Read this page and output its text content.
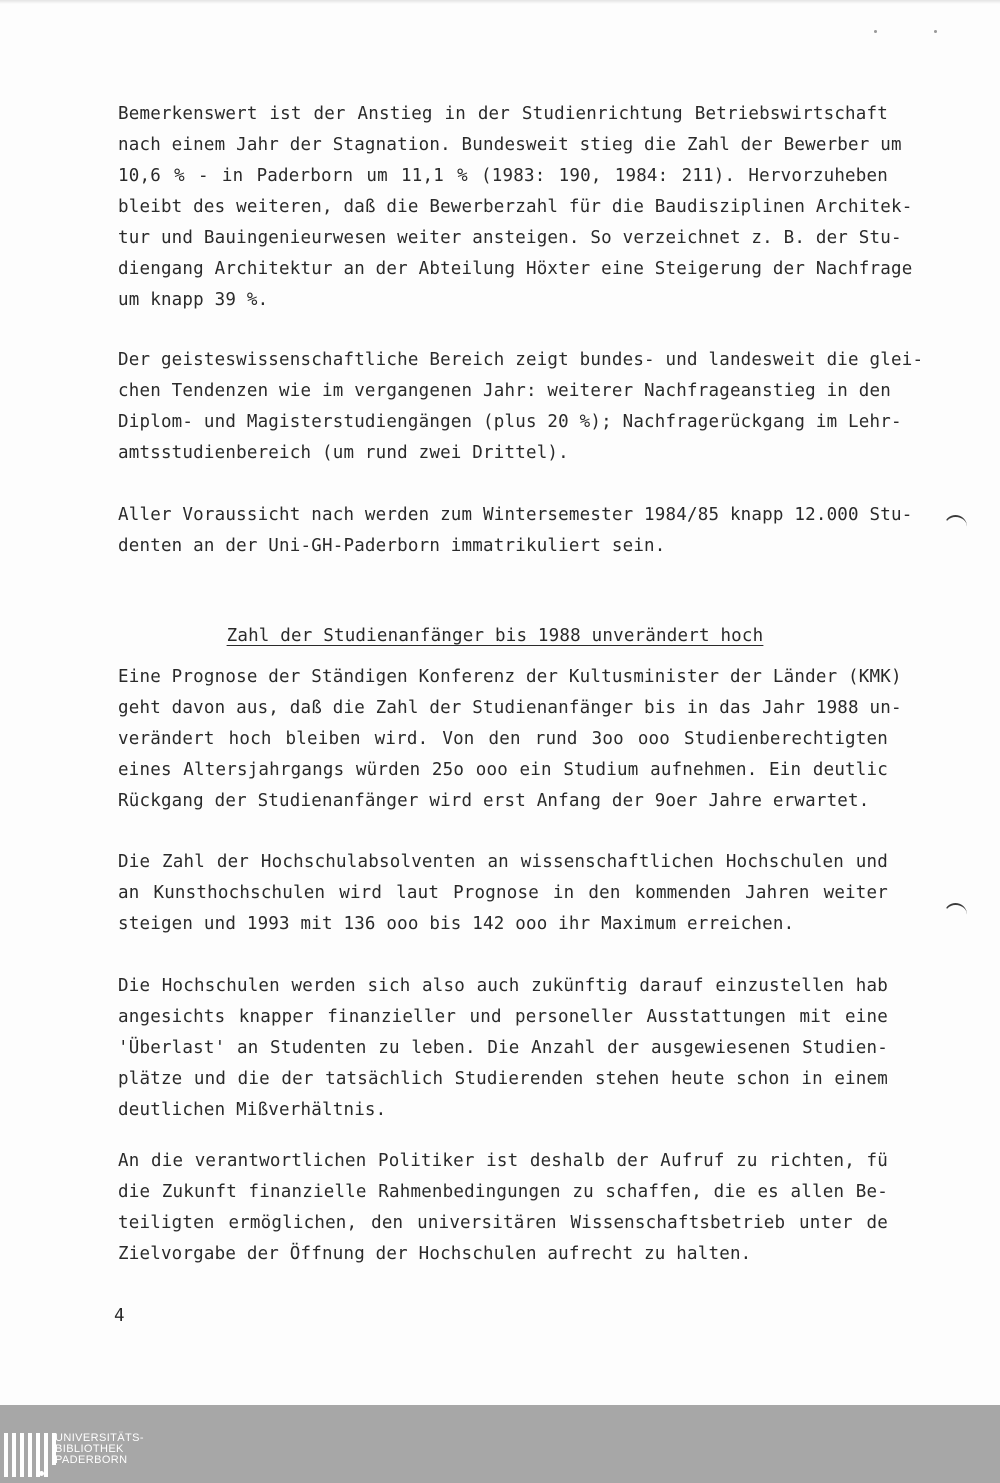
Bemerkenswert ist der Anstieg in der Studienrichtung Betriebswirtschaft
nach einem Jahr der Stagnation. Bundesweit stieg die Zahl der Bewerber um
10,6 % - in Paderborn um 11,1 % (1983: 190, 1984: 211). Hervorzuheben
bleibt des weiteren, daß die Bewerberzahl für die Baudisziplinen Architek-
tur und Bauingenieurwesen weiter ansteigen. So verzeichnet z. B. der Stu-
diengang Architektur an der Abteilung Höxter eine Steigerung der Nachfrage
um knapp 39 %.
Der geisteswissenschaftliche Bereich zeigt bundes- und landesweit die glei-
chen Tendenzen wie im vergangenen Jahr: weiterer Nachfrageanstieg in den
Diplom- und Magisterstudiengängen (plus 20 %); Nachfragerückgang im Lehr-
amtsstudienbereich (um rund zwei Drittel).
Aller Voraussicht nach werden zum Wintersemester 1984/85 knapp 12.000 Stu-
denten an der Uni-GH-Paderborn immatrikuliert sein.
Zahl der Studienanfänger bis 1988 unverändert hoch
Eine Prognose der Ständigen Konferenz der Kultusminister der Länder (KMK)
geht davon aus, daß die Zahl der Studienanfänger bis in das Jahr 1988 un-
verändert hoch bleiben wird. Von den rund 3oo ooo Studienberechtigten
eines Altersjahrgangs würden 25o ooo ein Studium aufnehmen. Ein deutlic
Rückgang der Studienanfänger wird erst Anfang der 9oer Jahre erwartet.
Die Zahl der Hochschulabsolventen an wissenschaftlichen Hochschulen und
an Kunsthochschulen wird laut Prognose in den kommenden Jahren weiter
steigen und 1993 mit 136 ooo bis 142 ooo ihr Maximum erreichen.
Die Hochschulen werden sich also auch zukünftig darauf einzustellen hab
angesichts knapper finanzieller und personeller Ausstattungen mit eine
'Überlast' an Studenten zu leben. Die Anzahl der ausgewiesenen Studien-
plätze und die der tatsächlich Studierenden stehen heute schon in einem
deutlichen Mißverhältnis.
An die verantwortlichen Politiker ist deshalb der Aufruf zu richten, fü
die Zukunft finanzielle Rahmenbedingungen zu schaffen, die es allen Be-
teiligten ermöglichen, den universitären Wissenschaftsbetrieb unter de
Zielvorgabe der Öffnung der Hochschulen aufrecht zu halten.
4
UNIVERSITÄTS-
BIBLIOTHEK
PADERBORN
